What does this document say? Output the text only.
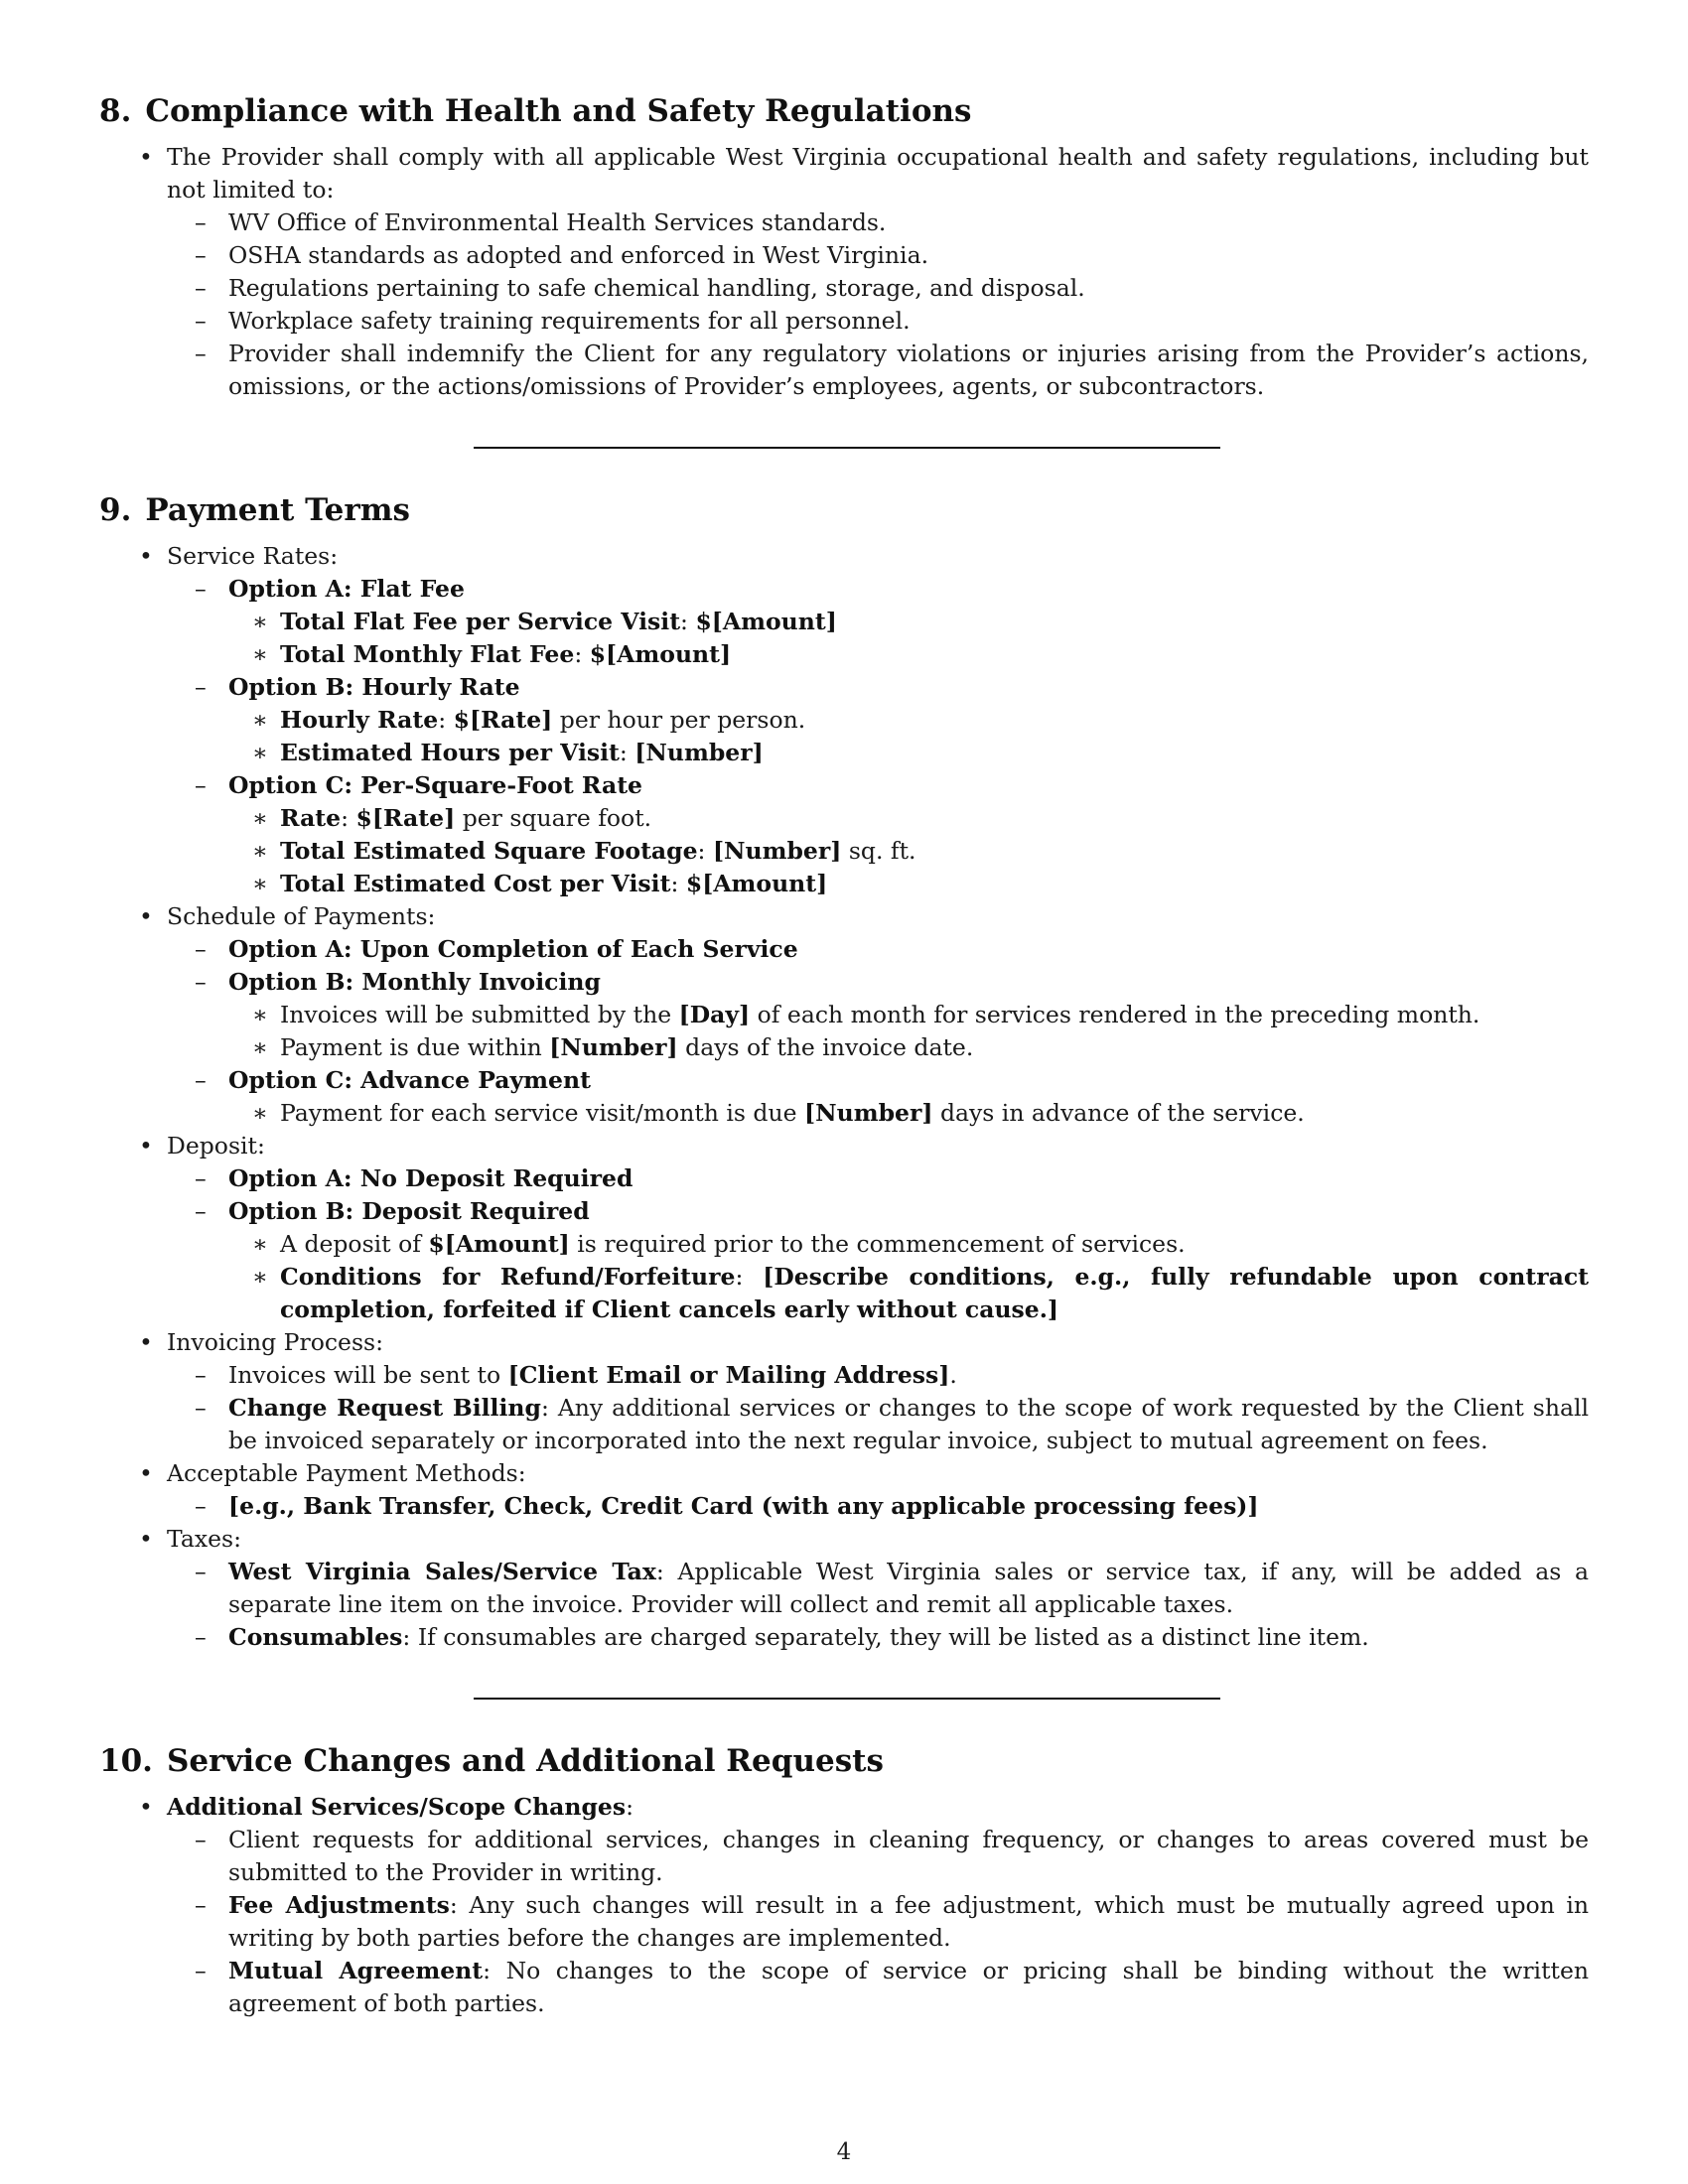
8. Compliance with Health and Safety Regulations
• The Provider shall comply with all applicable West Virginia occupational health and safety regulations, including but not limited to:
– WV Office of Environmental Health Services standards.
– OSHA standards as adopted and enforced in West Virginia.
– Regulations pertaining to safe chemical handling, storage, and disposal.
– Workplace safety training requirements for all personnel.
– Provider shall indemnify the Client for any regulatory violations or injuries arising from the Provider’s actions, omissions, or the actions/omissions of Provider’s employees, agents, or subcontractors.
9. Payment Terms
• Service Rates:
– Option A: Flat Fee
∗ Total Flat Fee per Service Visit: $[Amount]
∗ Total Monthly Flat Fee: $[Amount]
– Option B: Hourly Rate
∗ Hourly Rate: $[Rate] per hour per person.
∗ Estimated Hours per Visit: [Number]
– Option C: Per-Square-Foot Rate
∗ Rate: $[Rate] per square foot.
∗ Total Estimated Square Footage: [Number] sq. ft.
∗ Total Estimated Cost per Visit: $[Amount]
• Schedule of Payments:
– Option A: Upon Completion of Each Service
– Option B: Monthly Invoicing
∗ Invoices will be submitted by the [Day] of each month for services rendered in the preceding month.
∗ Payment is due within [Number] days of the invoice date.
– Option C: Advance Payment
∗ Payment for each service visit/month is due [Number] days in advance of the service.
• Deposit:
– Option A: No Deposit Required
– Option B: Deposit Required
∗ A deposit of $[Amount] is required prior to the commencement of services.
∗ Conditions for Refund/Forfeiture: [Describe conditions, e.g., fully refundable upon contract completion, forfeited if Client cancels early without cause.]
• Invoicing Process:
– Invoices will be sent to [Client Email or Mailing Address].
– Change Request Billing: Any additional services or changes to the scope of work requested by the Client shall be invoiced separately or incorporated into the next regular invoice, subject to mutual agreement on fees.
• Acceptable Payment Methods:
– [e.g., Bank Transfer, Check, Credit Card (with any applicable processing fees)]
• Taxes:
– West Virginia Sales/Service Tax: Applicable West Virginia sales or service tax, if any, will be added as a separate line item on the invoice. Provider will collect and remit all applicable taxes.
– Consumables: If consumables are charged separately, they will be listed as a distinct line item.
10. Service Changes and Additional Requests
• Additional Services/Scope Changes:
– Client requests for additional services, changes in cleaning frequency, or changes to areas covered must be submitted to the Provider in writing.
– Fee Adjustments: Any such changes will result in a fee adjustment, which must be mutually agreed upon in writing by both parties before the changes are implemented.
– Mutual Agreement: No changes to the scope of service or pricing shall be binding without the written agreement of both parties.
4
